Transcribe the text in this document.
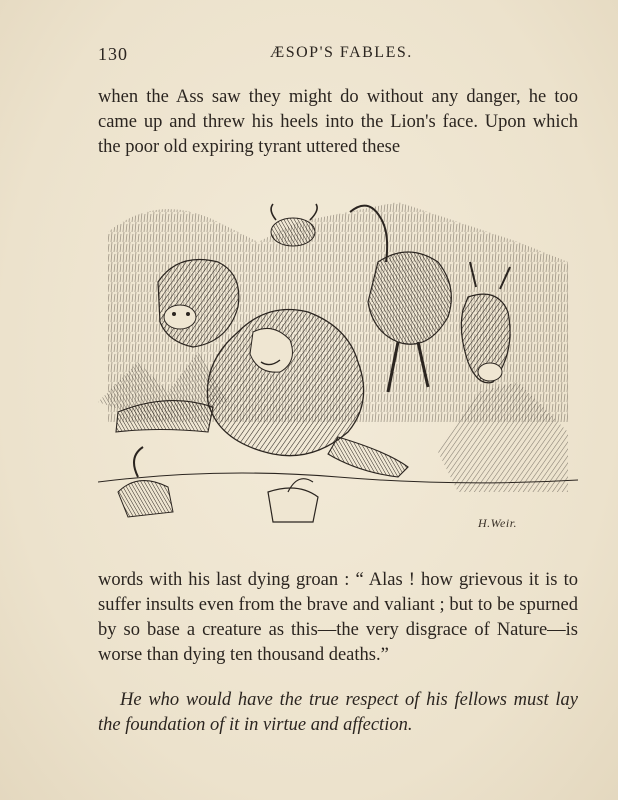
130	ÆSOP'S FABLES.

when the Ass saw they might do without any danger, he too came up and threw his heels into the Lion's face. Upon which the poor old expiring tyrant uttered these

H.Weir.

words with his last dying groan : “ Alas ! how grievous it is to suffer insults even from the brave and valiant ; but to be spurned by so base a creature as this—the very disgrace of Nature—is worse than dying ten thousand deaths.”

He who would have the true respect of his fellows must lay the foundation of it in virtue and affection.
